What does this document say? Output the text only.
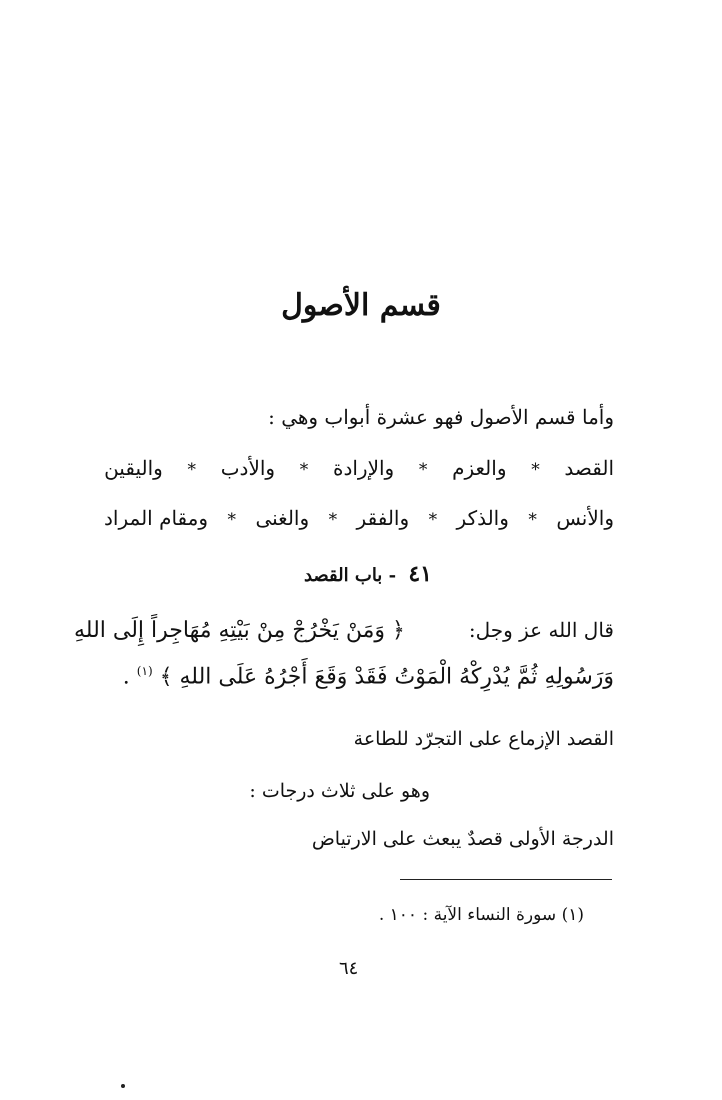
قسم الأصول
وأما قسم الأصول فهو عشرة أبواب وهي :
القصد
*
والعزم
*
والإرادة
*
والأدب
*
واليقين
والأنس
*
والذكر
*
والفقر
*
والغنى
*
ومقام المراد
٤١ - باب القصد
قال الله عز وجل:
﴿ وَمَنْ يَخْرُجْ مِنْ بَيْتِهِ مُهَاجِراً إِلَى اللهِ
وَرَسُولِهِ ثُمَّ يُدْرِكْهُ الْمَوْتُ فَقَدْ وَقَعَ أَجْرُهُ عَلَى اللهِ ﴾ $^{(١)}$ .
القصد الإزماع على التجرّد للطاعة
وهو على ثلاث درجات :
الدرجة الأولى قصدٌ يبعث على الارتياض
(١) سورة النساء الآية : ١٠٠ .
٦٤
